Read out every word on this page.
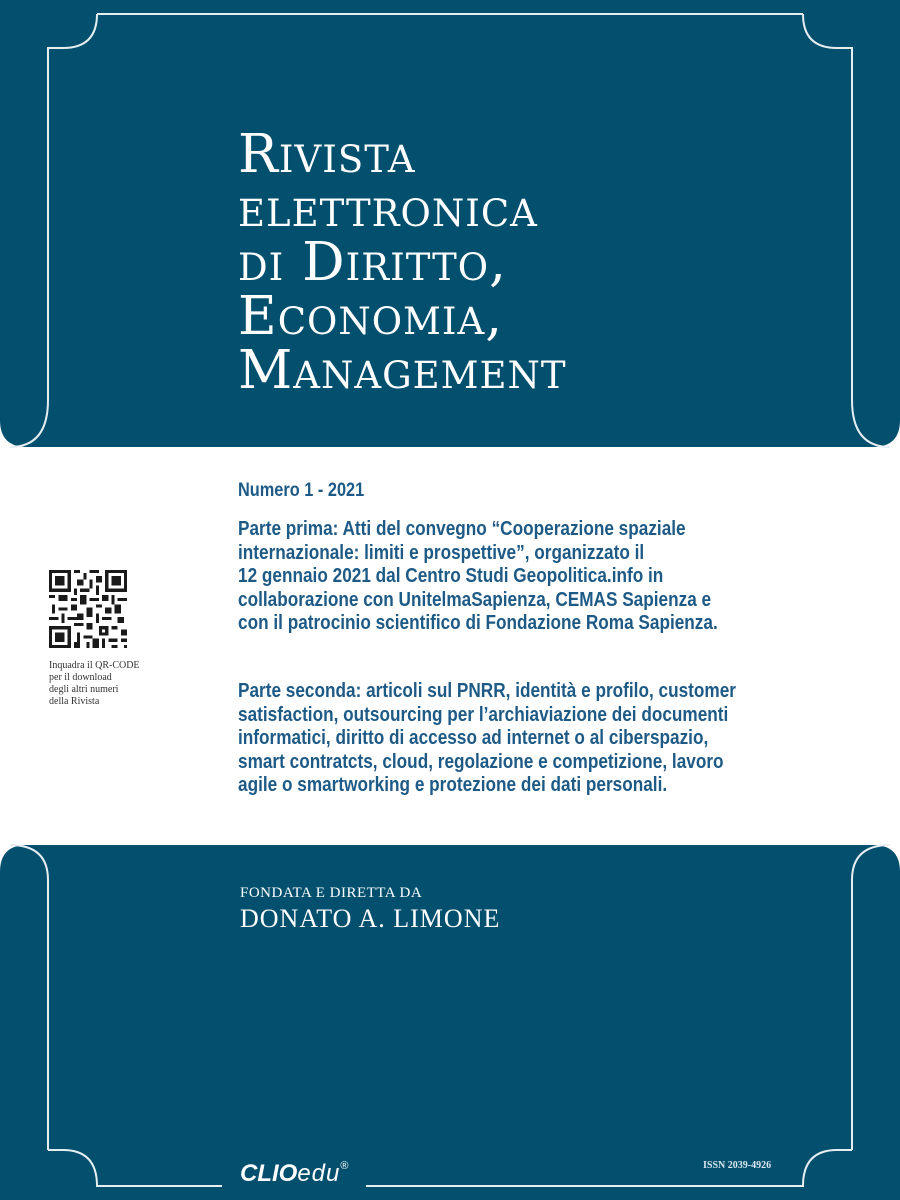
Rivista
elettronica
di Diritto,
Economia,
Management
Numero 1 - 2021
Parte prima: Atti del convegno “Cooperazione spaziale
internazionale: limiti e prospettive”, organizzato il
12 gennaio 2021 dal Centro Studi Geopolitica.info in
collaborazione con UnitelmaSapienza, CEMAS Sapienza e
con il patrocinio scientifico di Fondazione Roma Sapienza.
Parte seconda: articoli sul PNRR, identità e profilo, customer
satisfaction, outsourcing per l’archiaviazione dei documenti
informatici, diritto di accesso ad internet o al ciberspazio,
smart contratcts, cloud, regolazione e competizione, lavoro
agile o smartworking e protezione dei dati personali.
Inquadra il QR-CODE
per il download
degli altri numeri
della Rivista
FONDATA E DIRETTA DA
DONATO A. LIMONE
CLIOedu®	ISSN 2039-4926
